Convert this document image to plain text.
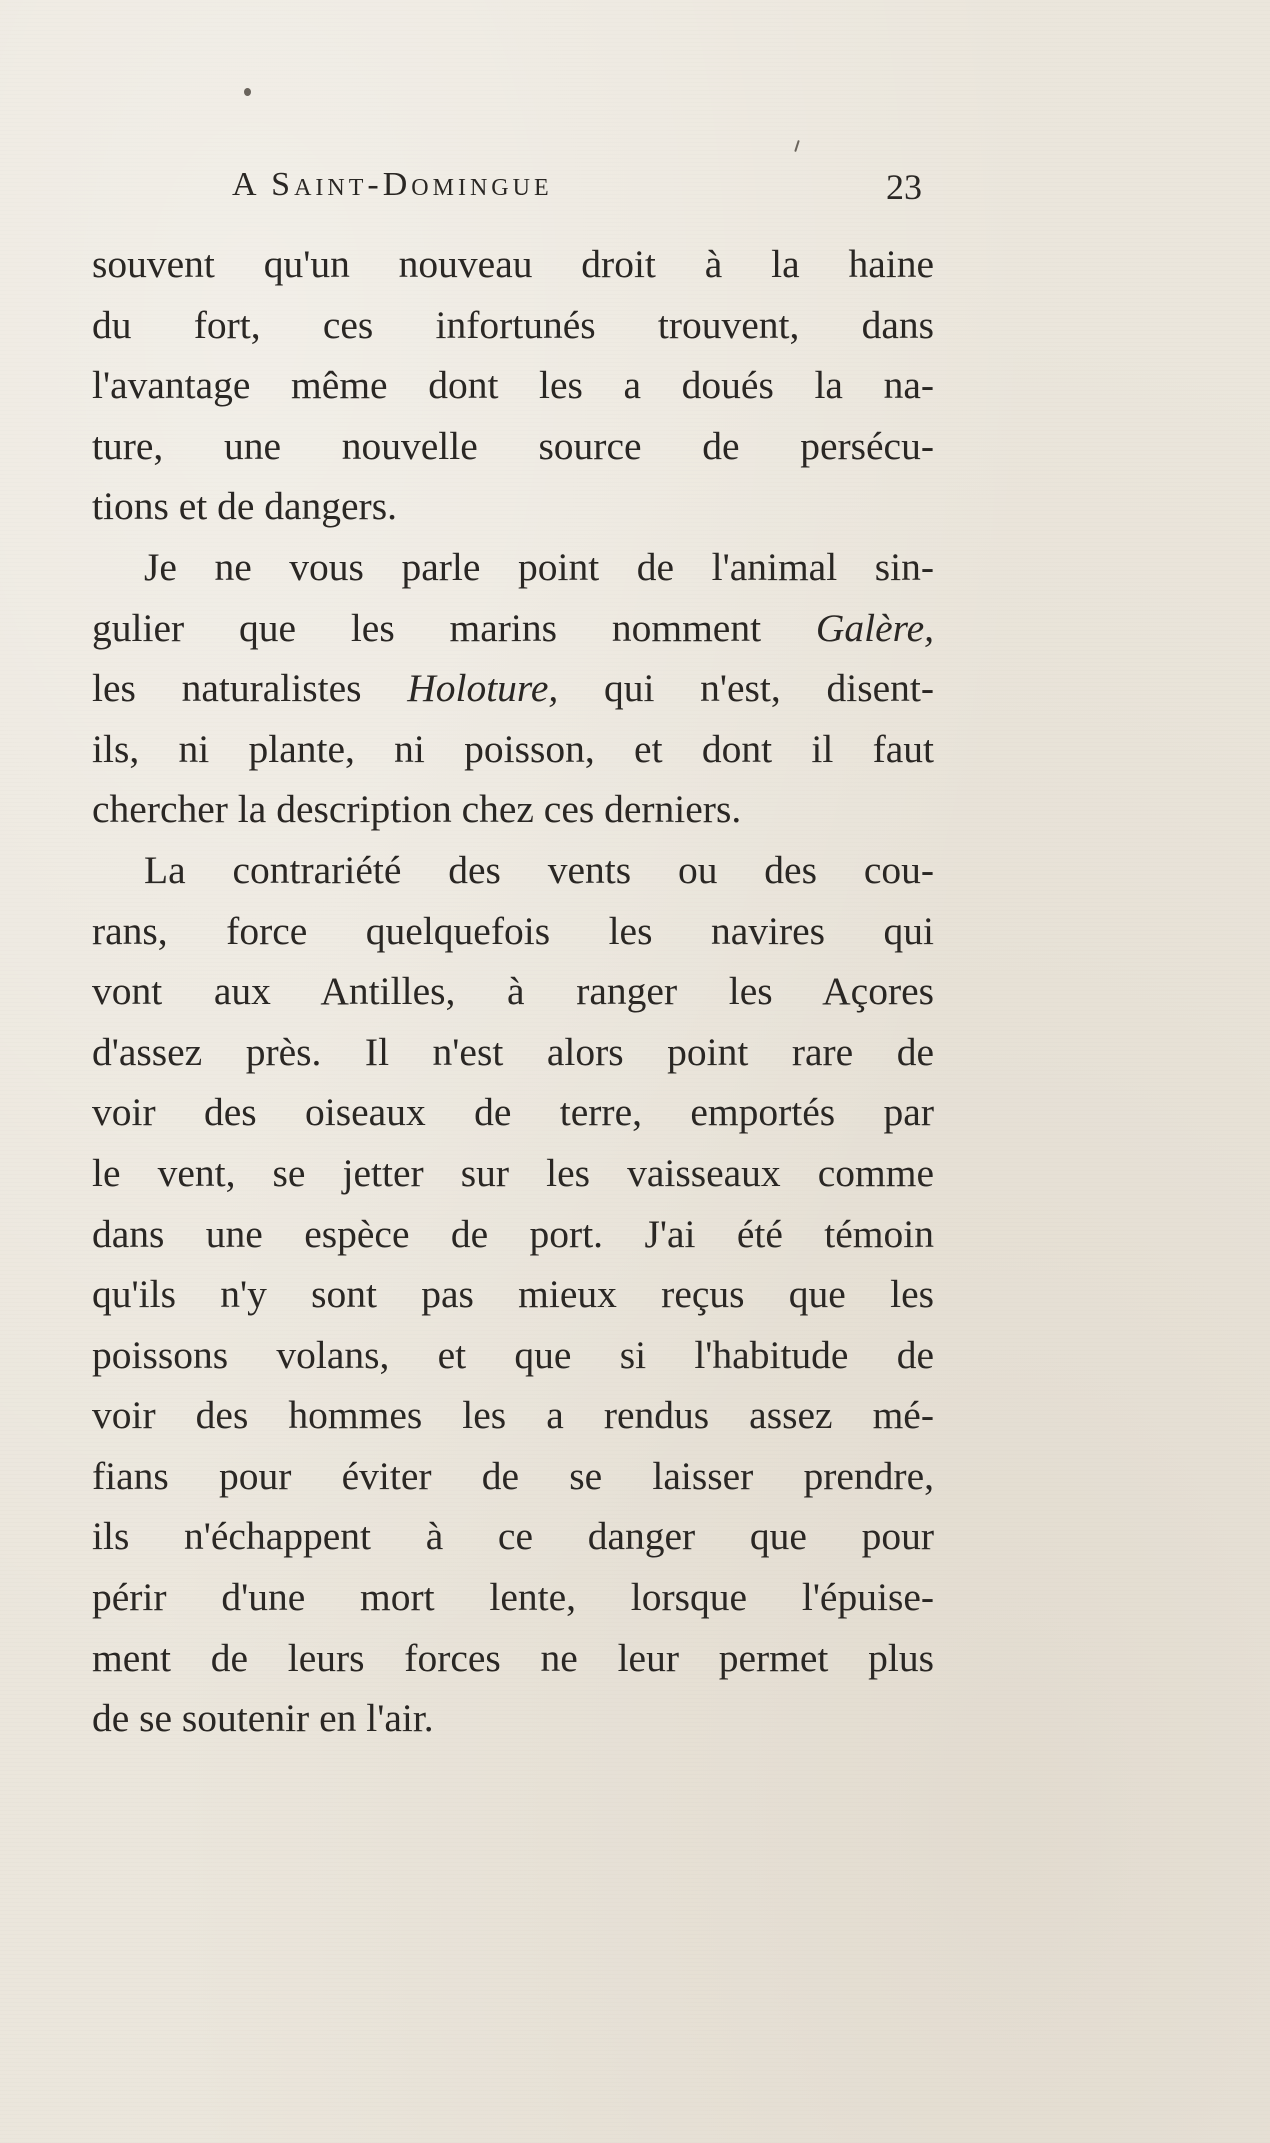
A Saint-Domingue	23
souvent qu'un nouveau droit à la haine
du fort, ces infortunés trouvent, dans
l'avantage même dont les a doués la na-
ture, une nouvelle source de persécu-
tions et de dangers.
Je ne vous parle point de l'animal sin-
gulier que les marins nomment Galère,
les naturalistes Holoture, qui n'est, disent-
ils, ni plante, ni poisson, et dont il faut
chercher la description chez ces derniers.
La contrariété des vents ou des cou-
rans, force quelquefois les navires qui
vont aux Antilles, à ranger les Açores
d'assez près. Il n'est alors point rare de
voir des oiseaux de terre, emportés par
le vent, se jetter sur les vaisseaux comme
dans une espèce de port. J'ai été témoin
qu'ils n'y sont pas mieux reçus que les
poissons volans, et que si l'habitude de
voir des hommes les a rendus assez mé-
fians pour éviter de se laisser prendre,
ils n'échappent à ce danger que pour
périr d'une mort lente, lorsque l'épuise-
ment de leurs forces ne leur permet plus
de se soutenir en l'air.
